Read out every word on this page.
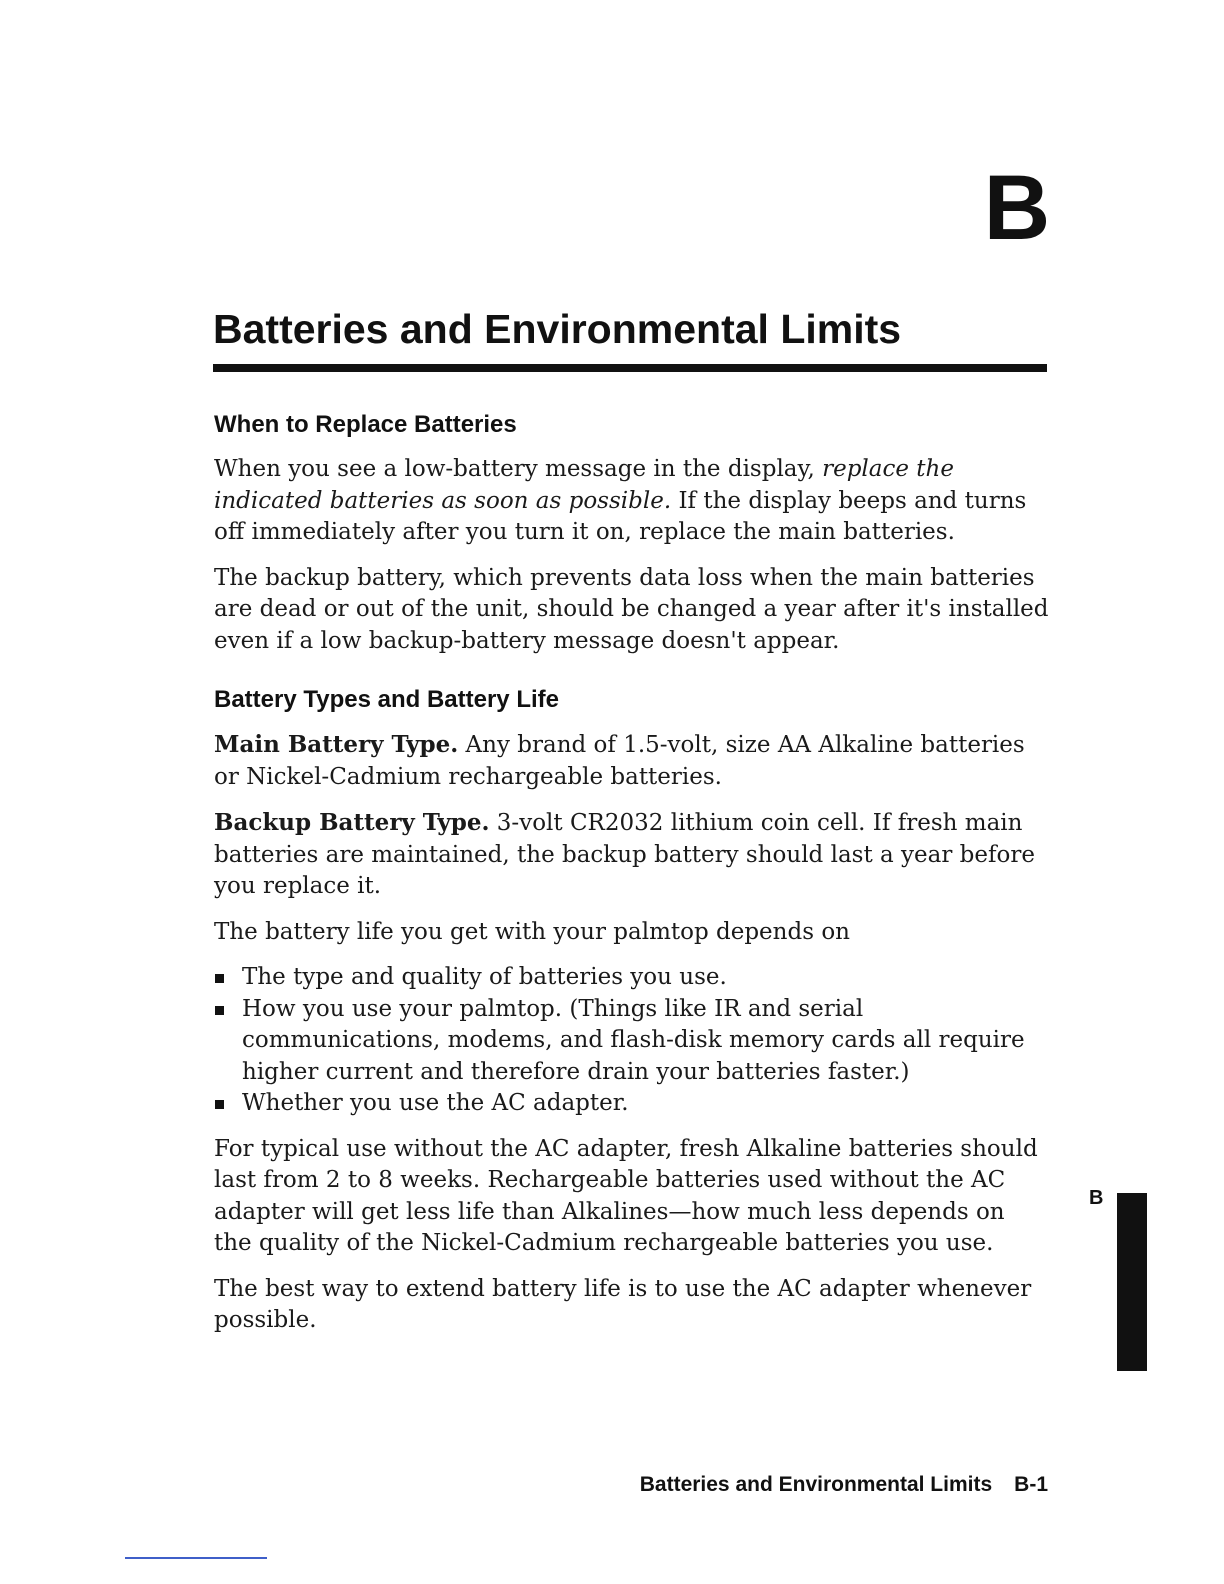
B
Batteries and Environmental Limits
When to Replace Batteries

When you see a low-battery message in the display, replace the indicated batteries as soon as possible. If the display beeps and turns off immediately after you turn it on, replace the main batteries.

The backup battery, which prevents data loss when the main batteries are dead or out of the unit, should be changed a year after it's installed even if a low backup-battery message doesn't appear.

Battery Types and Battery Life

Main Battery Type. Any brand of 1.5-volt, size AA Alkaline batteries or Nickel-Cadmium rechargeable batteries.

Backup Battery Type. 3-volt CR2032 lithium coin cell. If fresh main batteries are maintained, the backup battery should last a year before you replace it.

The battery life you get with your palmtop depends on

The type and quality of batteries you use.
How you use your palmtop. (Things like IR and serial communications, modems, and flash-disk memory cards all require higher current and therefore drain your batteries faster.)
Whether you use the AC adapter.

For typical use without the AC adapter, fresh Alkaline batteries should last from 2 to 8 weeks. Rechargeable batteries used without the AC adapter will get less life than Alkalines—how much less depends on the quality of the Nickel-Cadmium rechargeable batteries you use.

The best way to extend battery life is to use the AC adapter whenever possible.

B
Batteries and Environmental Limits B-1
